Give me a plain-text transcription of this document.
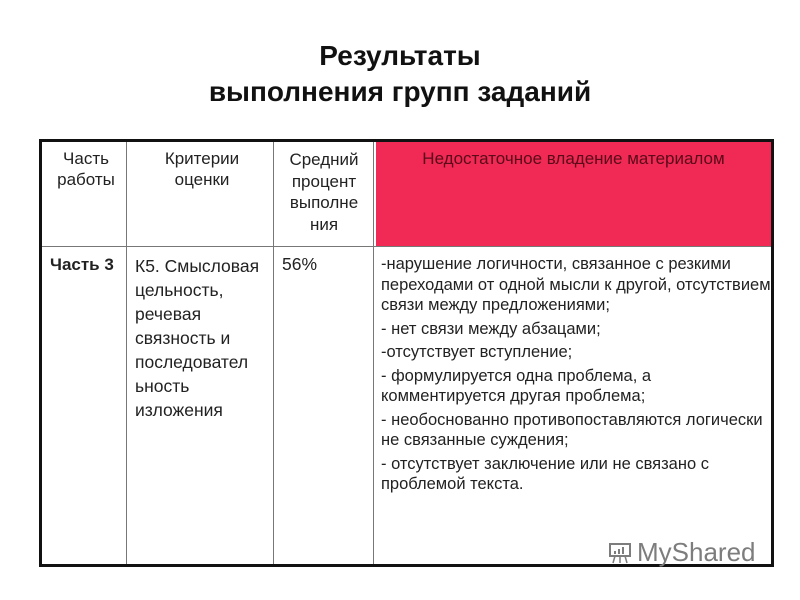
Результаты
выполнения групп заданий
Часть работы
Критерии оценки
Средний процент выполне ния
Недостаточное владение материалом
Часть 3	К5. Смысловая цельность, речевая связность и последовател ьность изложения
56%	-нарушение логичности, связанное с резкими переходами от одной мысли к другой, отсутствием связи между предложениями;
- нет связи между абзацами;
-отсутствует вступление;
- формулируется одна проблема, а комментируется другая проблема;
- необоснованно противопоставляются логически не связанные суждения;
- отсутствует заключение или не связано с проблемой текста.
MyShared
